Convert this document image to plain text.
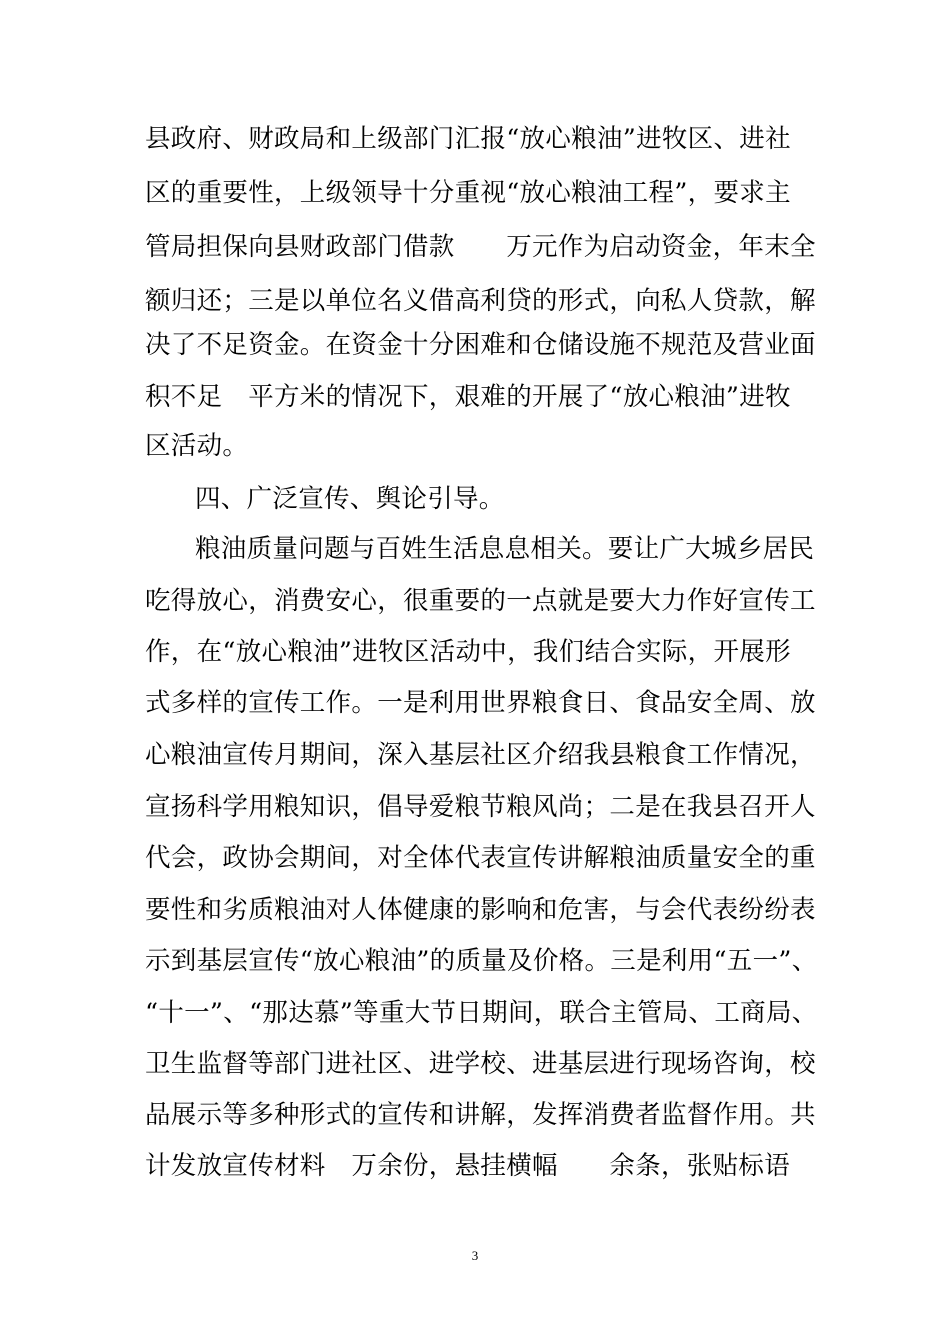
县政府、财政局和上级部门汇报“放心粮油”进牧区、进社
区的重要性，上级领导十分重视“放心粮油工程”，要求主
管局担保向县财政部门借款　　万元作为启动资金，年末全
额归还；三是以单位名义借高利贷的形式，向私人贷款，解
决了不足资金。在资金十分困难和仓储设施不规范及营业面
积不足　平方米的情况下，艰难的开展了“放心粮油”进牧
区活动。
四、广泛宣传、舆论引导。
粮油质量问题与百姓生活息息相关。要让广大城乡居民
吃得放心，消费安心，很重要的一点就是要大力作好宣传工
作，在“放心粮油”进牧区活动中，我们结合实际，开展形
式多样的宣传工作。一是利用世界粮食日、食品安全周、放
心粮油宣传月期间，深入基层社区介绍我县粮食工作情况，
宣扬科学用粮知识，倡导爱粮节粮风尚；二是在我县召开人
代会，政协会期间，对全体代表宣传讲解粮油质量安全的重
要性和劣质粮油对人体健康的影响和危害，与会代表纷纷表
示到基层宣传“放心粮油”的质量及价格。三是利用“五一”、
“十一”、“那达慕”等重大节日期间，联合主管局、工商局、
卫生监督等部门进社区、进学校、进基层进行现场咨询，校
品展示等多种形式的宣传和讲解，发挥消费者监督作用。共
计发放宣传材料　万余份，悬挂横幅　　余条，张贴标语
3
